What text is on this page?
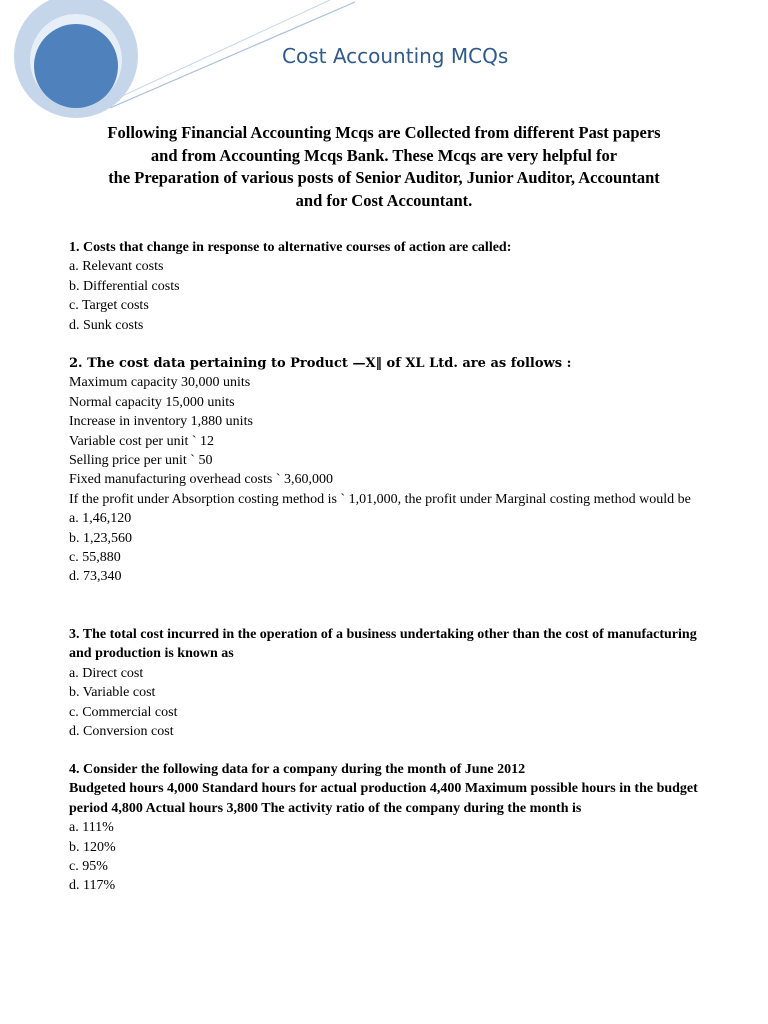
Cost Accounting MCQs
Following Financial Accounting Mcqs are Collected from different Past papers
and from Accounting Mcqs Bank. These Mcqs are very helpful for
the Preparation of various posts of Senior Auditor, Junior Auditor, Accountant
and for Cost Accountant.
1. Costs that change in response to alternative courses of action are called:
a. Relevant costs
b. Differential costs
c. Target costs
d. Sunk costs
2. The cost data pertaining to Product —X‖ of XL Ltd. are as follows :
Maximum capacity 30,000 units
Normal capacity 15,000 units
Increase in inventory 1,880 units
Variable cost per unit ` 12
Selling price per unit ` 50
Fixed manufacturing overhead costs ` 3,60,000
If the profit under Absorption costing method is ` 1,01,000, the profit under Marginal costing method would be
a. 1,46,120
b. 1,23,560
c. 55,880
d. 73,340
3. The total cost incurred in the operation of a business undertaking other than the cost of manufacturing and production is known as
a. Direct cost
b. Variable cost
c. Commercial cost
d. Conversion cost
4. Consider the following data for a company during the month of June 2012
Budgeted hours 4,000 Standard hours for actual production 4,400 Maximum possible hours in the budget period 4,800 Actual hours 3,800 The activity ratio of the company during the month is
a. 111%
b. 120%
c. 95%
d. 117%
